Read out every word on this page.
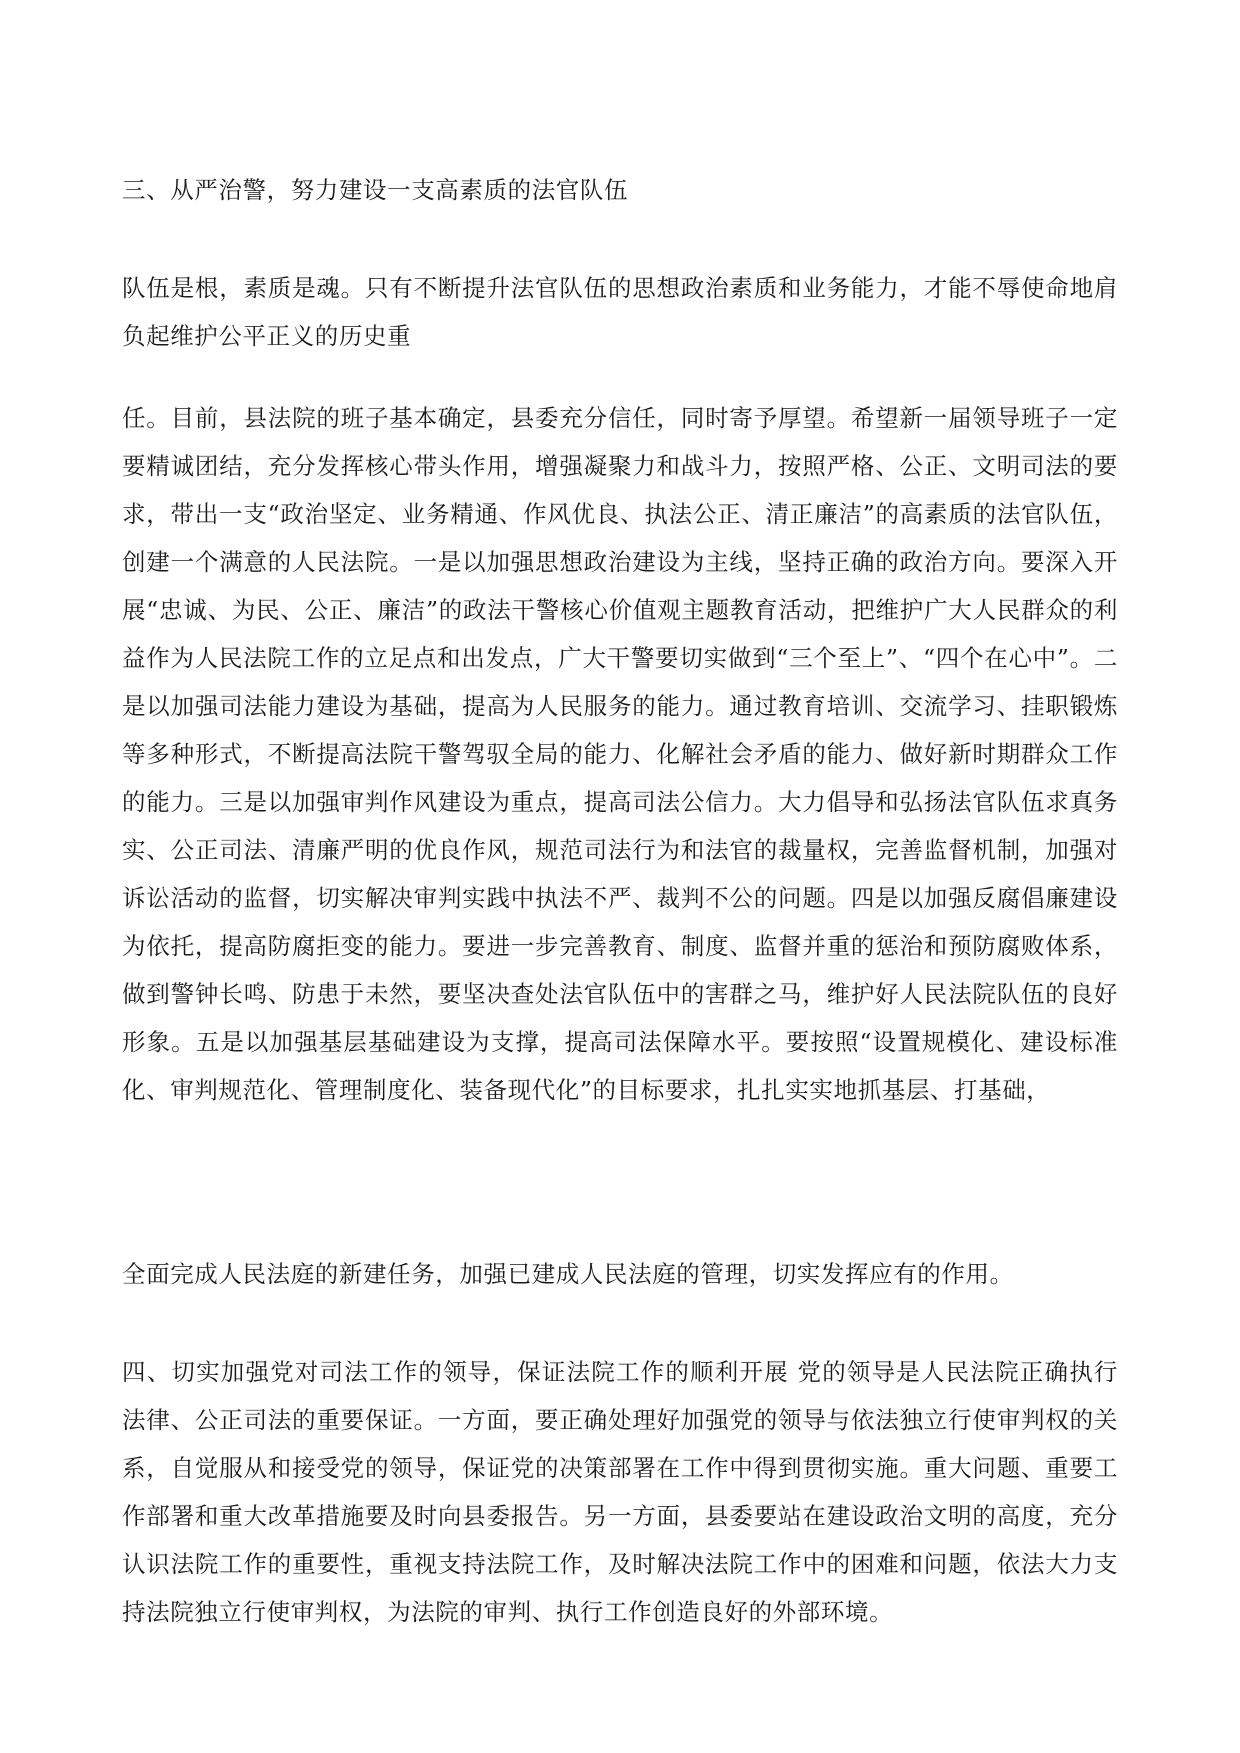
三、从严治警，努力建设一支高素质的法官队伍

队伍是根，素质是魂。只有不断提升法官队伍的思想政治素质和业务能力，才能不辱使命地肩负起维护公平正义的历史重

任。目前，县法院的班子基本确定，县委充分信任，同时寄予厚望。希望新一届领导班子一定要精诚团结，充分发挥核心带头作用，增强凝聚力和战斗力，按照严格、公正、文明司法的要求，带出一支“政治坚定、业务精通、作风优良、执法公正、清正廉洁”的高素质的法官队伍，创建一个满意的人民法院。一是以加强思想政治建设为主线，坚持正确的政治方向。要深入开展“忠诚、为民、公正、廉洁”的政法干警核心价值观主题教育活动，把维护广大人民群众的利益作为人民法院工作的立足点和出发点，广大干警要切实做到“三个至上”、“四个在心中”。二是以加强司法能力建设为基础，提高为人民服务的能力。通过教育培训、交流学习、挂职锻炼等多种形式，不断提高法院干警驾驭全局的能力、化解社会矛盾的能力、做好新时期群众工作的能力。三是以加强审判作风建设为重点，提高司法公信力。大力倡导和弘扬法官队伍求真务实、公正司法、清廉严明的优良作风，规范司法行为和法官的裁量权，完善监督机制，加强对诉讼活动的监督，切实解决审判实践中执法不严、裁判不公的问题。四是以加强反腐倡廉建设为依托，提高防腐拒变的能力。要进一步完善教育、制度、监督并重的惩治和预防腐败体系，做到警钟长鸣、防患于未然，要坚决查处法官队伍中的害群之马，维护好人民法院队伍的良好形象。五是以加强基层基础建设为支撑，提高司法保障水平。要按照“设置规模化、建设标准化、审判规范化、管理制度化、装备现代化”的目标要求，扎扎实实地抓基层、打基础，

全面完成人民法庭的新建任务，加强已建成人民法庭的管理，切实发挥应有的作用。

四、切实加强党对司法工作的领导，保证法院工作的顺利开展 党的领导是人民法院正确执行法律、公正司法的重要保证。一方面，要正确处理好加强党的领导与依法独立行使审判权的关系，自觉服从和接受党的领导，保证党的决策部署在工作中得到贯彻实施。重大问题、重要工作部署和重大改革措施要及时向县委报告。另一方面，县委要站在建设政治文明的高度，充分认识法院工作的重要性，重视支持法院工作，及时解决法院工作中的困难和问题，依法大力支持法院独立行使审判权，为法院的审判、执行工作创造良好的外部环境。
